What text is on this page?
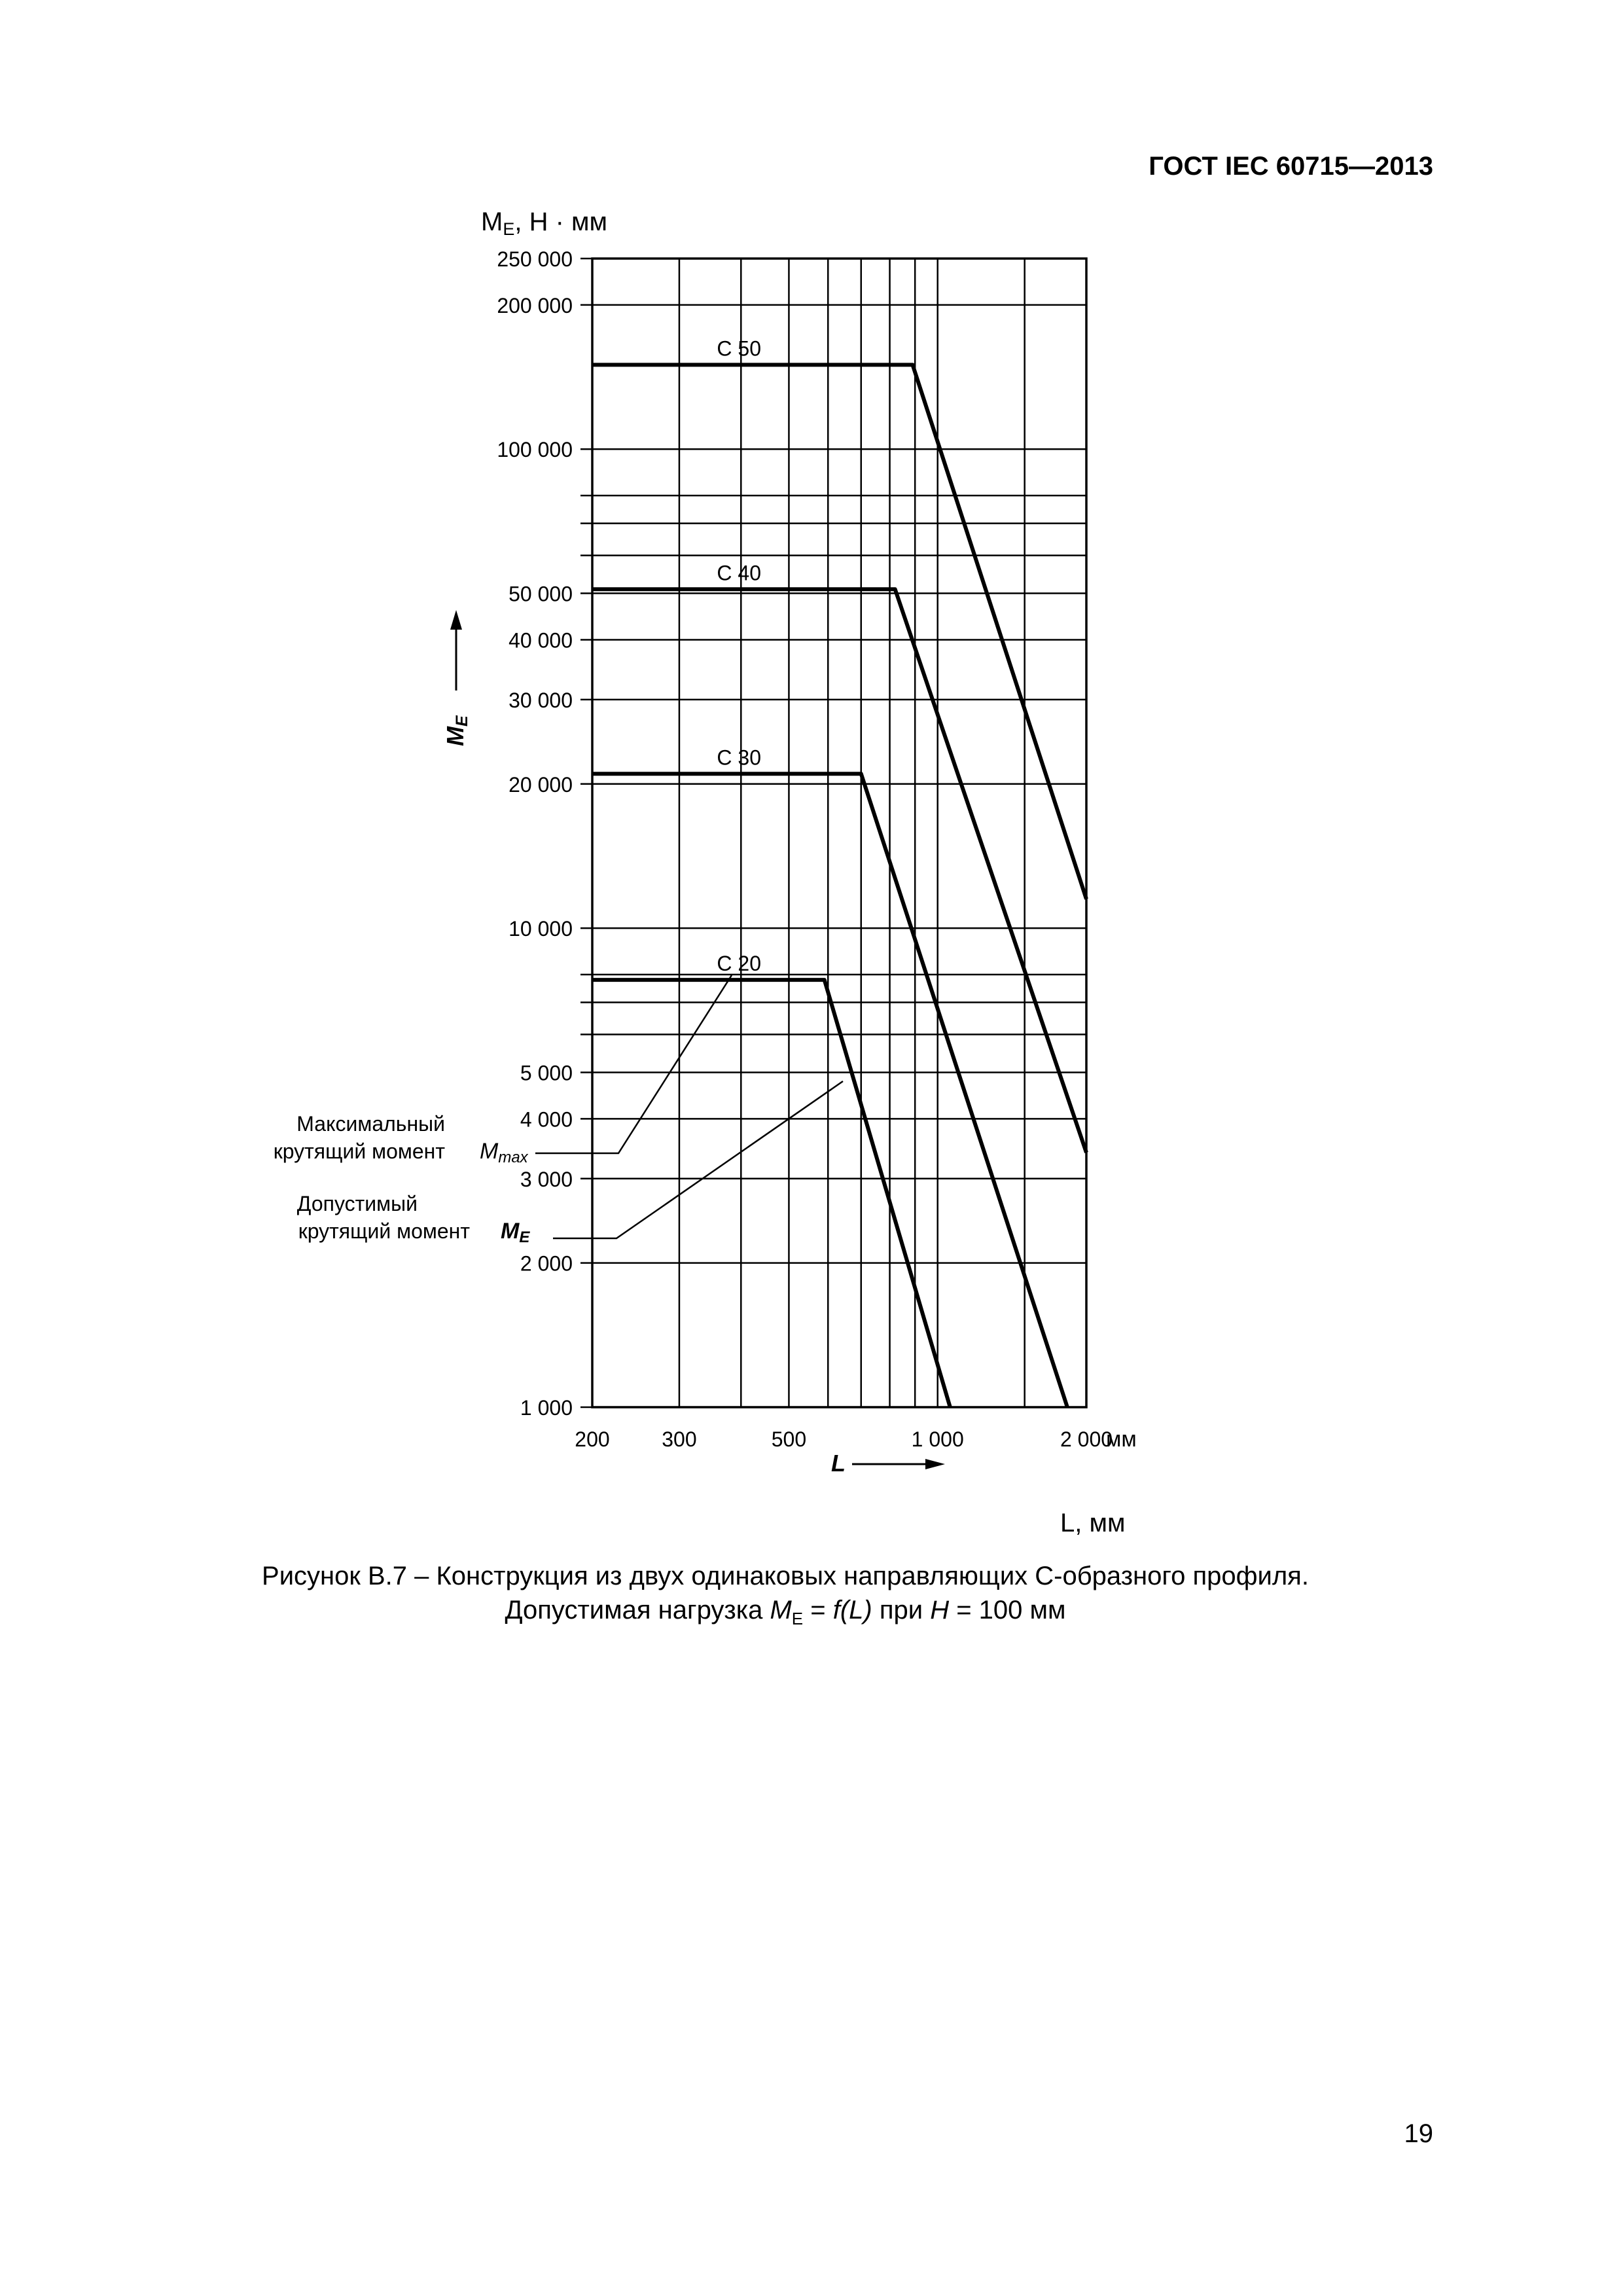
ГОСТ IEC 60715—2013
C 50
C 40
C 30
C 20
1 000
2 000
3 000
4 000
5 000
10 000
20 000
30 000
40 000
50 000
100 000
200 000
250 000
200 300	500	1 000	2 000
ME, Н · мм
ME
L
мм
L, мм
Максимальный
крутящий момент Mmax
Допустимый
крутящий момент ME
Рисунок В.7 – Конструкция из двух одинаковых направляющих С-образного профиля.
Допустимая нагрузка $M_E = f(L)$ при H = 100 мм
19
